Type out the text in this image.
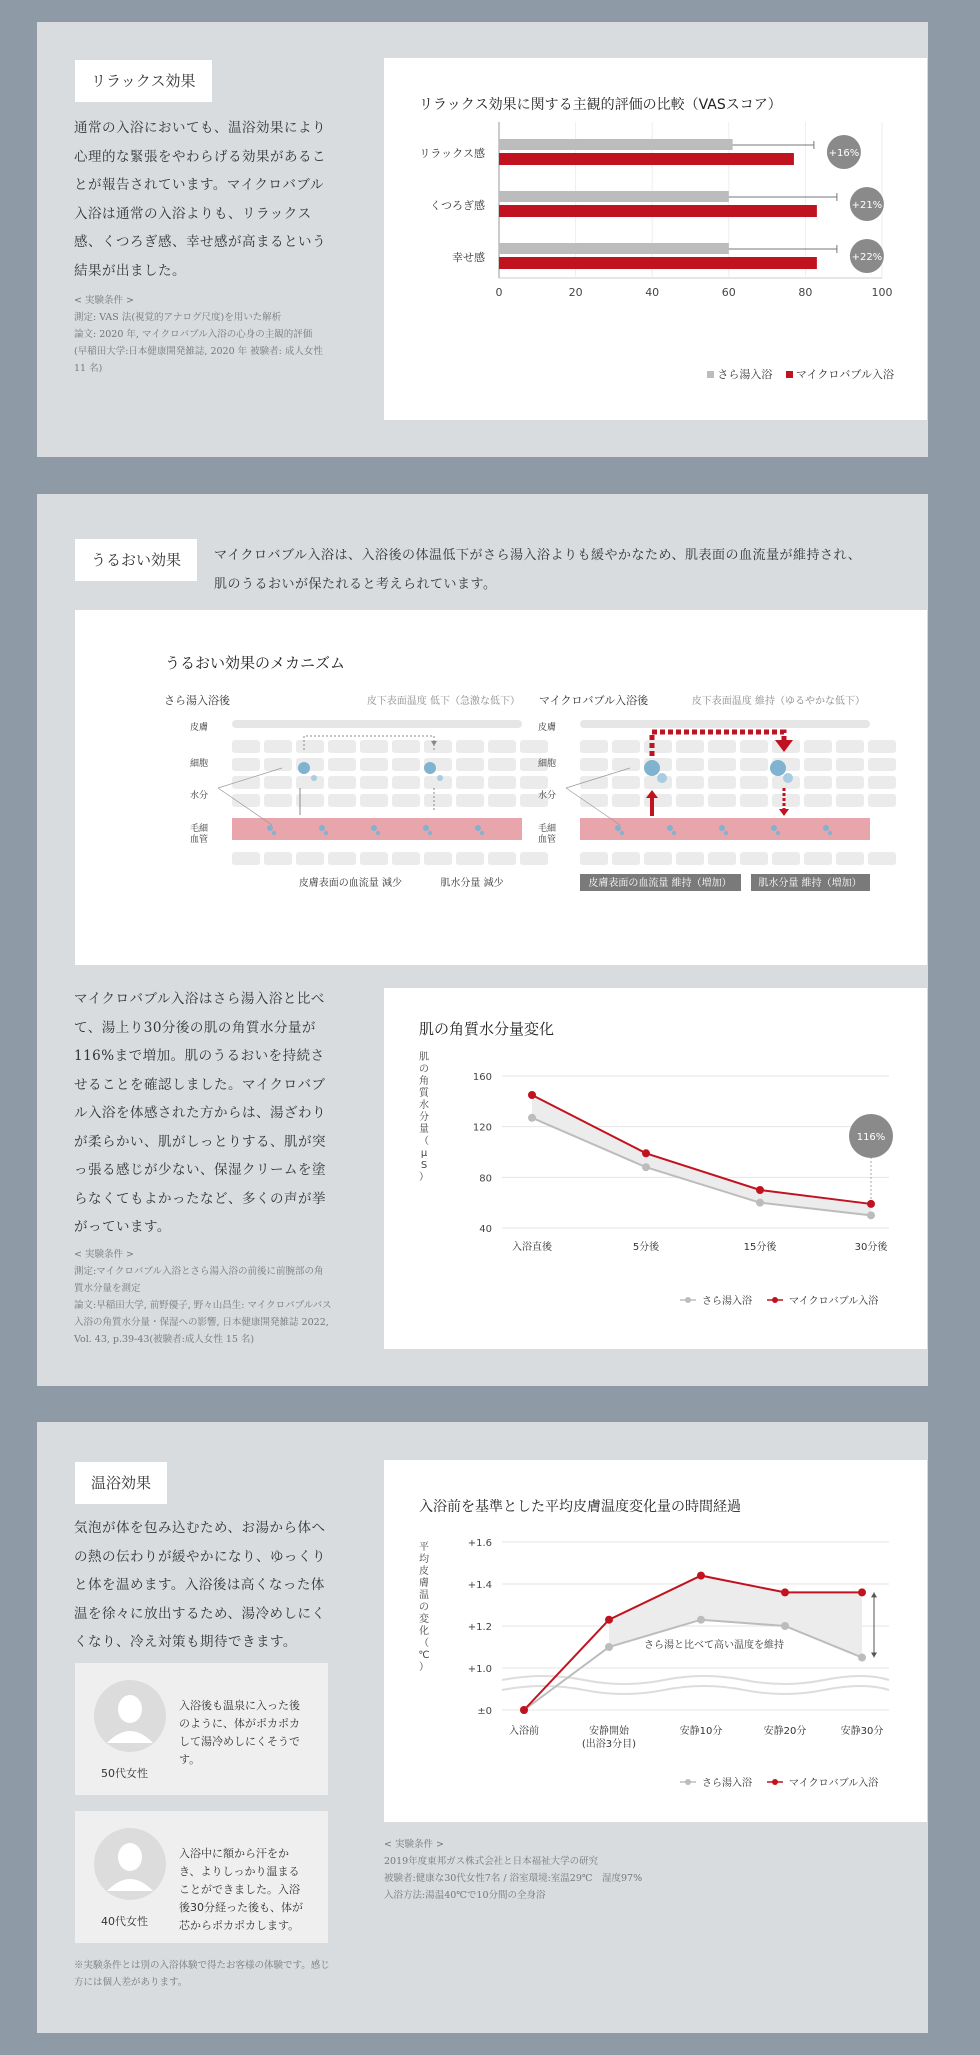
リラックス効果
通常の入浴においても、温浴効果により心理的な緊張をやわらげる効果があることが報告されています。マイクロバブル入浴は通常の入浴よりも、リラックス感、くつろぎ感、幸せ感が高まるという結果が出ました。
< 実験条件 >
測定: VAS 法(視覚的アナログ尺度)を用いた解析
論文: 2020 年, マイクロバブル入浴の心身の主観的評価
(早稲田大学:日本健康開発雑誌, 2020 年 被験者: 成人女性 11 名)
リラックス効果に関する主観的評価の比較（VASスコア）
0	20	40	60	80	100
リラックス感	+16%
くつろぎ感	+21%
幸せ感	+22%
さら湯入浴 マイクロバブル入浴
うるおい効果	マイクロバブル入浴は、入浴後の体温低下がさら湯入浴よりも緩やかなため、肌表面の血流量が維持され、肌のうるおいが保たれると考えられています。
うるおい効果のメカニズム
さら湯入浴後	皮下表面温度 低下（急激な低下） マイクロバブル入浴後	皮下表面温度 維持（ゆるやかな低下）
皮膚
細胞
水分
毛細
血管
皮膚表面の血流量 減少	肌水分量 減少
皮膚
細胞
水分
毛細
血管
皮膚表面の血流量 維持（増加）	肌水分量 維持（増加）
マイクロバブル入浴はさら湯入浴と比べて、湯上り30分後の肌の角質水分量が116%まで増加。肌のうるおいを持続させることを確認しました。マイクロバブル入浴を体感された方からは、湯ざわりが柔らかい、肌がしっとりする、肌が突っ張る感じが少ない、保湿クリームを塗らなくてもよかったなど、多くの声が挙がっています。
< 実験条件 >
測定:マイクロバブル入浴とさら湯入浴の前後に前腕部の角質水分量を測定
論文:早稲田大学, 前野優子, 野々山昌生: マイクロバブルバス入浴の角質水分量・保湿への影響, 日本健康開発雑誌 2022, Vol. 43, p.39-43(被験者:成人女性 15 名)
肌の角質水分量変化
肌
の
角
質
水
分
量
（
μ
S
）
40
80
120
160
入浴直後	5分後	15分後	30分後
116%
さら湯入浴	マイクロバブル入浴
温浴効果
気泡が体を包み込むため、お湯から体への熱の伝わりが緩やかになり、ゆっくりと体を温めます。入浴後は高くなった体温を徐々に放出するため、湯冷めしにくくなり、冷え対策も期待できます。
入浴後も温泉に入った後のように、体がポカポカして湯冷めしにくそうです。
50代女性
入浴中に額から汗をかき、よりしっかり温まることができました。入浴後30分経った後も、体が芯からポカポカします。
40代女性
※実験条件とは別の入浴体験で得たお客様の体験です。感じ方には個人差があります。
入浴前を基準とした平均皮膚温度変化量の時間経過
平
均
皮
膚
温
の
変
化
（
℃
）
+1.6
+1.4
+1.2
+1.0
±0
入浴前	安静開始	安静10分	安静20分	安静30分
(出浴3分目)
さら湯と比べて高い温度を維持
さら湯入浴	マイクロバブル入浴
< 実験条件 >
2019年度東邦ガス株式会社と日本福祉大学の研究
被験者:健康な30代女性7名 / 浴室環境:室温29℃　湿度97%
入浴方法:湯温40℃で10分間の全身浴
